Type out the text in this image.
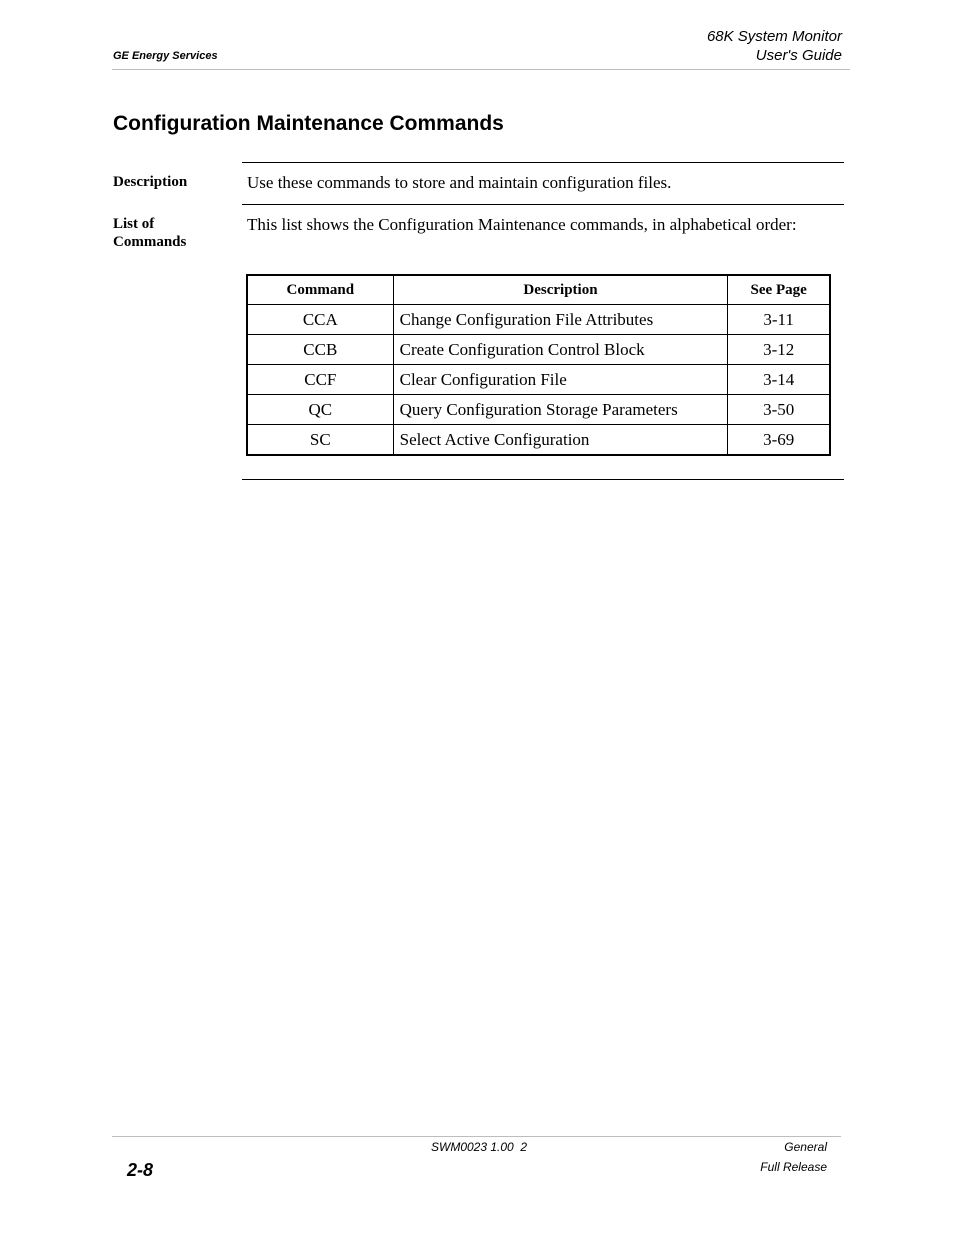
GE Energy Services
68K System Monitor
User's Guide
Configuration Maintenance Commands
Description	Use these commands to store and maintain configuration files.
List of Commands
This list shows the Configuration Maintenance commands, in alphabetical order:
Command	Description	See Page
CCA	Change Configuration File Attributes	3-11
CCB	Create Configuration Control Block	3-12
CCF	Clear Configuration File	3-14
QC	Query Configuration Storage Parameters	3-50
SC	Select Active Configuration	3-69
2-8
SWM0023 1.00  2	General
Full Release
